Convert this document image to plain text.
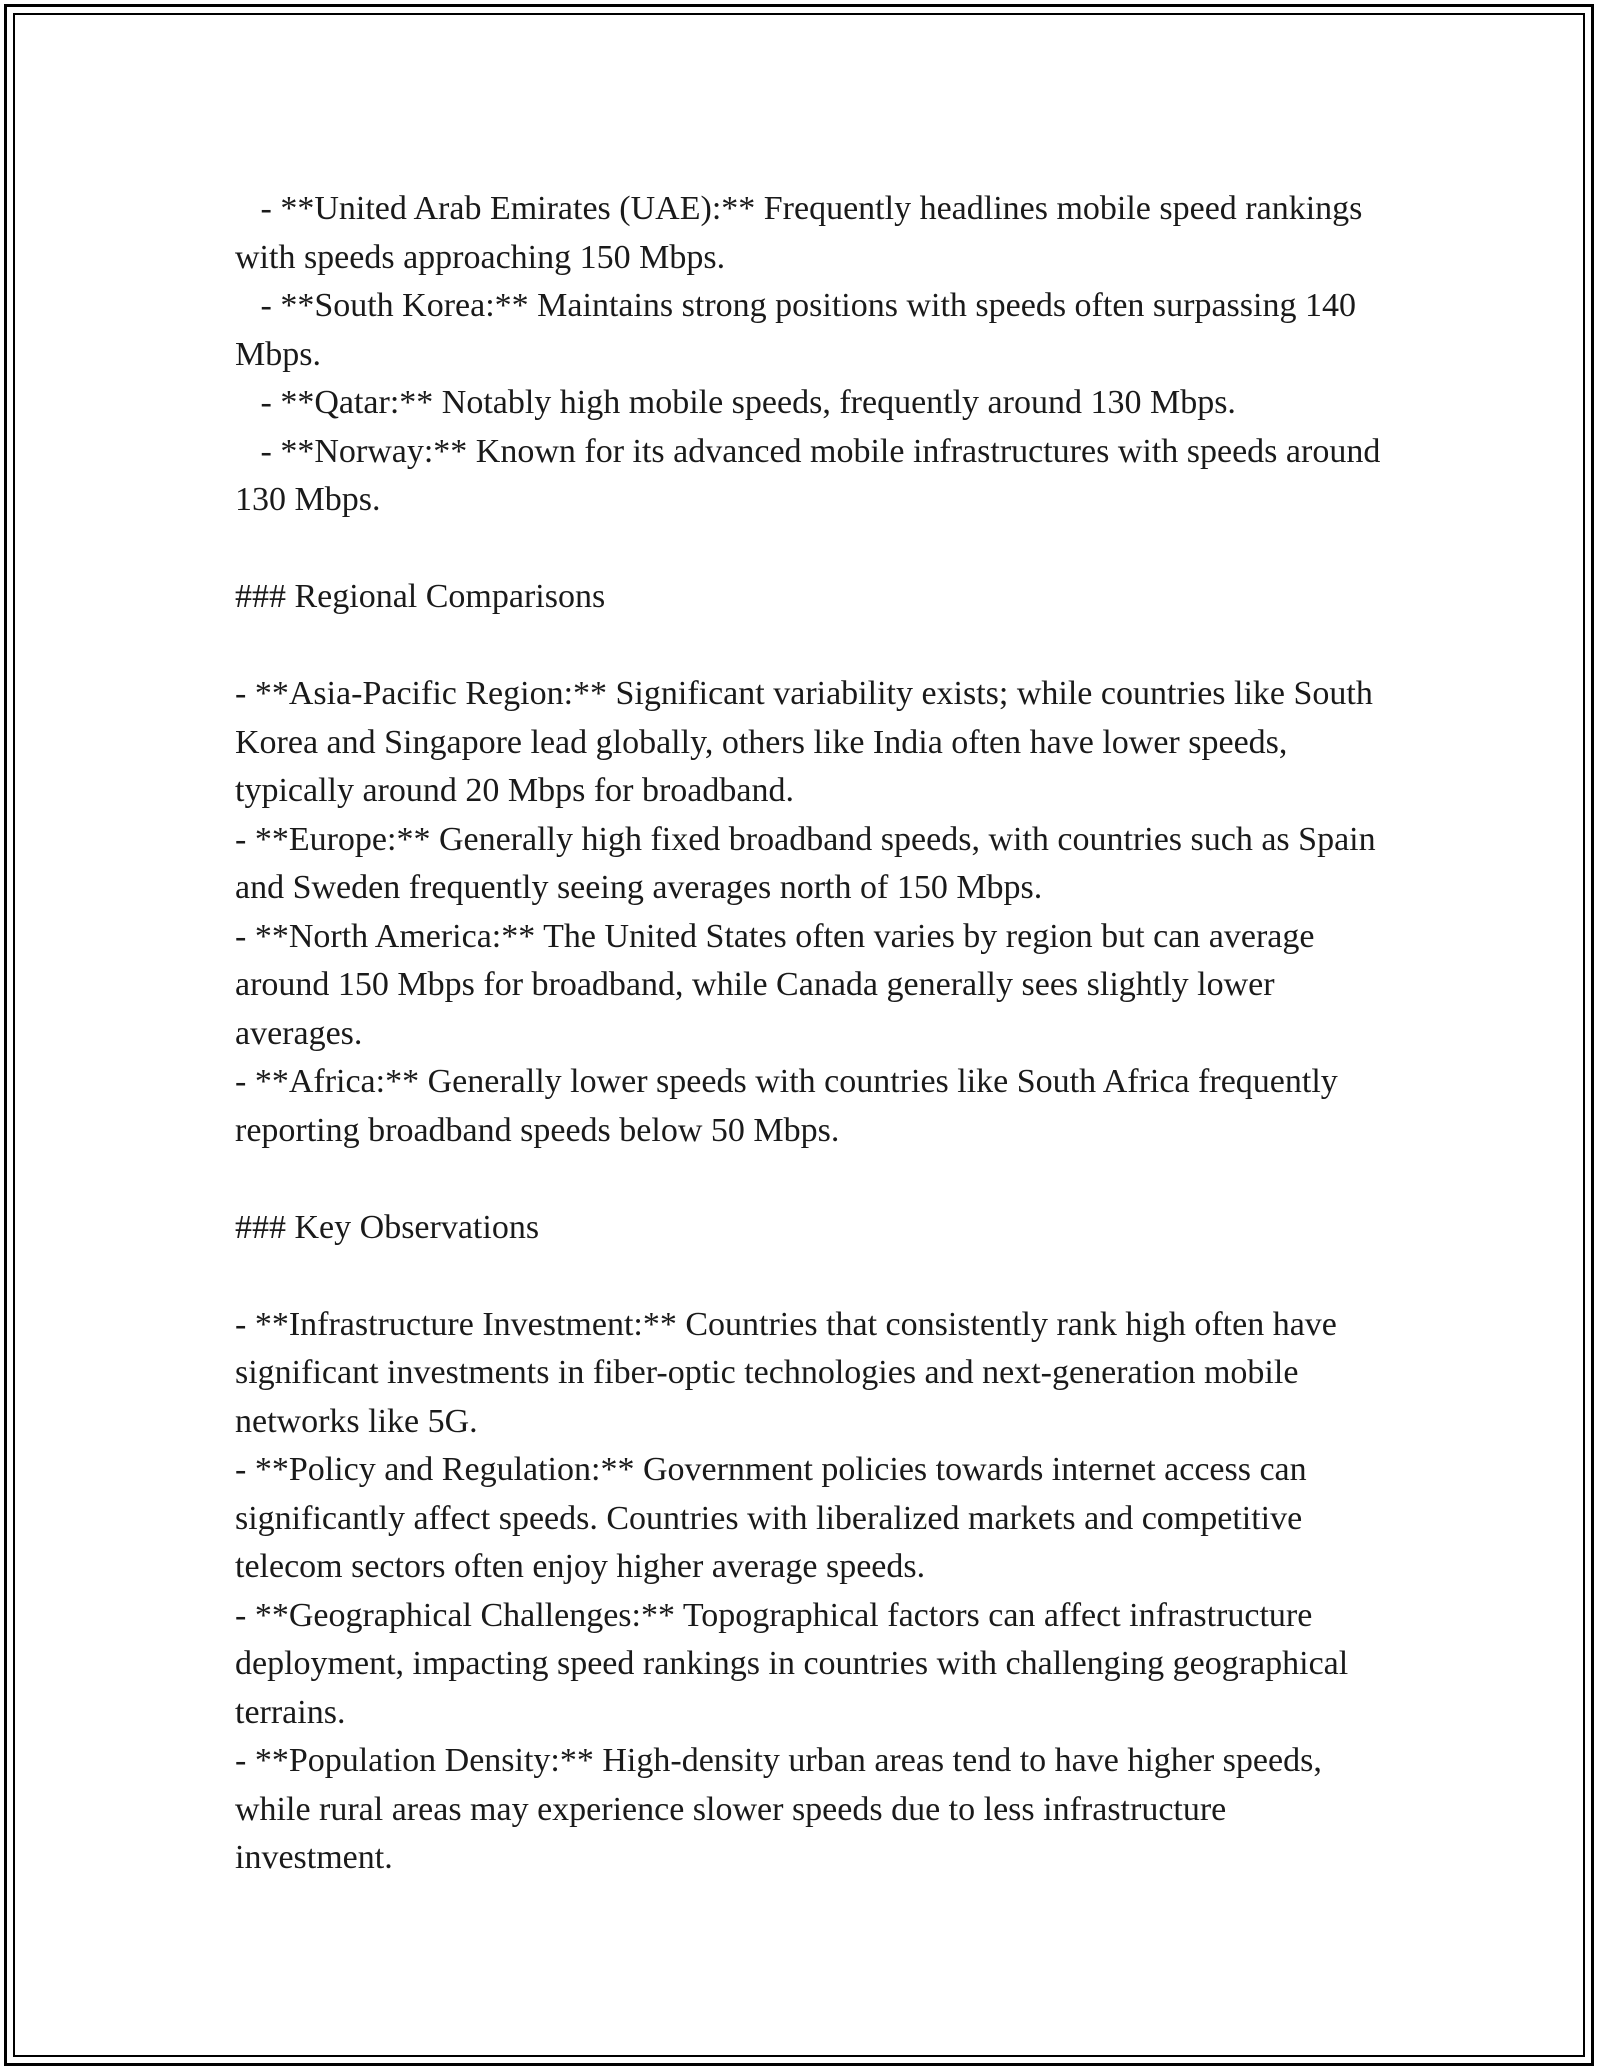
- **United Arab Emirates (UAE):** Frequently headlines mobile speed rankings with speeds approaching 150 Mbps.

- **South Korea:** Maintains strong positions with speeds often surpassing 140 Mbps.

- **Qatar:** Notably high mobile speeds, frequently around 130 Mbps.

- **Norway:** Known for its advanced mobile infrastructures with speeds around 130 Mbps.

### Regional Comparisons

- **Asia-Pacific Region:** Significant variability exists; while countries like South Korea and Singapore lead globally, others like India often have lower speeds, typically around 20 Mbps for broadband.

- **Europe:** Generally high fixed broadband speeds, with countries such as Spain and Sweden frequently seeing averages north of 150 Mbps.

- **North America:** The United States often varies by region but can average around 150 Mbps for broadband, while Canada generally sees slightly lower averages.

- **Africa:** Generally lower speeds with countries like South Africa frequently reporting broadband speeds below 50 Mbps.

### Key Observations

- **Infrastructure Investment:** Countries that consistently rank high often have significant investments in fiber-optic technologies and next-generation mobile networks like 5G.

- **Policy and Regulation:** Government policies towards internet access can significantly affect speeds. Countries with liberalized markets and competitive telecom sectors often enjoy higher average speeds.

- **Geographical Challenges:** Topographical factors can affect infrastructure deployment, impacting speed rankings in countries with challenging geographical terrains.

- **Population Density:** High-density urban areas tend to have higher speeds, while rural areas may experience slower speeds due to less infrastructure investment.
